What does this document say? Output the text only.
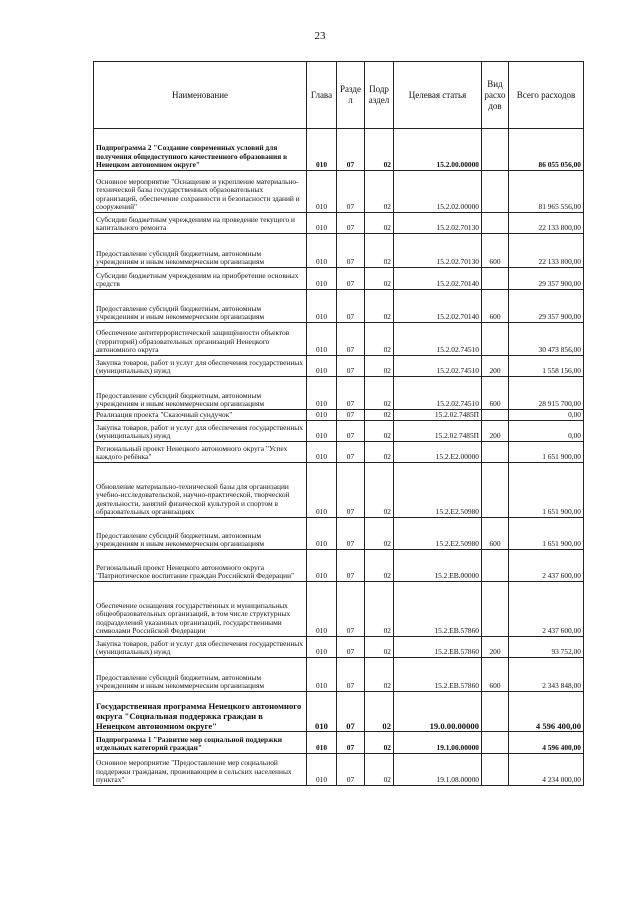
23
Наименование	Глава	Разде л	Подр аздел	Целевая статья	Вид расхо дов	Всего расходов
Подпрограмма 2 "Создание современных условий для получения общедоступного качественного образования в Ненецком автономном округе"	010	07	02	15.2.00.00000		86 055 056,00
Основное мероприятие "Оснащение и укрепление материально-технической базы государственных образовательных организаций, обеспечение сохранности и безопасности зданий и сооружений"	010	07	02	15.2.02.00000		81 965 556,00
Субсидии бюджетным учреждениям на проведение текущего и капитального ремонта	010	07	02	15.2.02.70130		22 133 800,00
Предоставление субсидий бюджетным, автономным учреждениям и иным некоммерческим организациям	010	07	02	15.2.02.70130	600	22 133 800,00
Субсидии бюджетным учреждениям на приобретение основных средств	010	07	02	15.2.02.70140		29 357 900,00
Предоставление субсидий бюджетным, автономным учреждениям и иным некоммерческим организациям	010	07	02	15.2.02.70140	600	29 357 900,00
Обеспечение антитеррористической защищённости объектов (территорий) образовательных организаций Ненецкого автономного округа	010	07	02	15.2.02.74510		30 473 856,00
Закупка товаров, работ и услуг для обеспечения государственных (муниципальных) нужд	010	07	02	15.2.02.74510	200	1 558 156,00
Предоставление субсидий бюджетным, автономным учреждениям и иным некоммерческим организациям	010	07	02	15.2.02.74510	600	28 915 700,00
Реализация проекта "Сказочный сундучок"	010	07	02	15.2.02.7485П		0,00
Закупка товаров, работ и услуг для обеспечения государственных (муниципальных) нужд	010	07	02	15.2.02.7485П	200	0,00
Региональный проект Ненецкого автономного округа "Успех каждого ребёнка"	010	07	02	15.2.E2.00000		1 651 900,00
Обновление материально-технической базы для организации учебно-исследовательской, научно-практической, творческой деятельности, занятий физической культурой и спортом в образовательных организациях	010	07	02	15.2.E2.50980		1 651 900,00
Предоставление субсидий бюджетным, автономным учреждениям и иным некоммерческим организациям	010	07	02	15.2.E2.50980	600	1 651 900,00
Региональный проект Ненецкого автономного округа "Патриотическое воспитание граждан Российской Федерации"	010	07	02	15.2.EB.00000		2 437 600,00
Обеспечение оснащения государственных и муниципальных общеобразовательных организаций, в том числе структурных подразделений указанных организаций, государственными символами Российской Федерации	010	07	02	15.2.EB.57860		2 437 600,00
Закупка товаров, работ и услуг для обеспечения государственных (муниципальных) нужд	010	07	02	15.2.EB.57860	200	93 752,00
Предоставление субсидий бюджетным, автономным учреждениям и иным некоммерческим организациям	010	07	02	15.2.EB.57860	600	2 343 848,00
Государственная программа Ненецкого автономного округа "Социальная поддержка граждан в Ненецком автономном округе"	010	07	02	19.0.00.00000		4 596 400,00
Подпрограмма 1 "Развитие мер социальной поддержки отдельных категорий граждан"	010	07	02	19.1.00.00000		4 596 400,00
Основное мероприятие "Предоставление мер социальной поддержки гражданам, проживающим в сельских населенных пунктах"	010	07	02	19.1.08.00000		4 234 000,00
